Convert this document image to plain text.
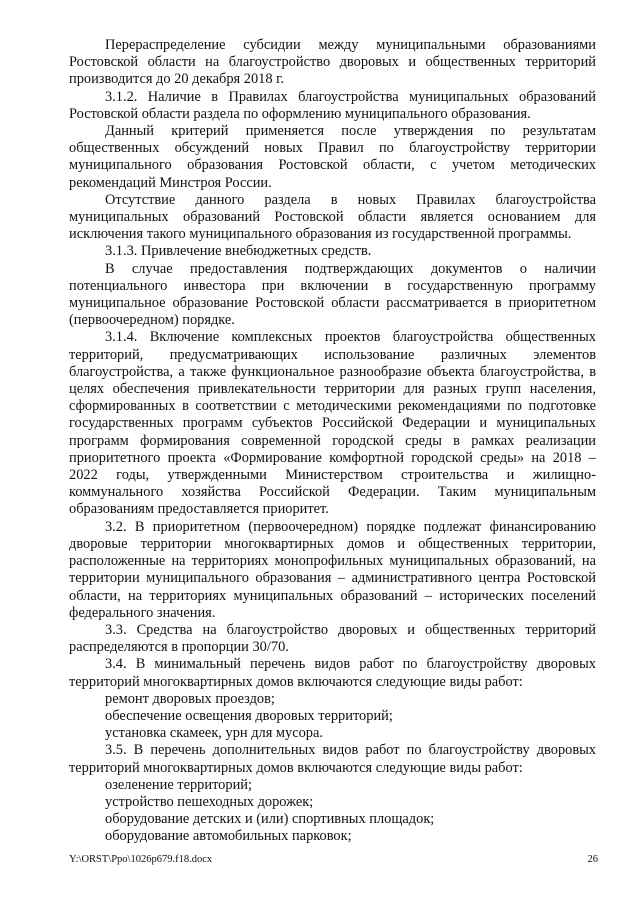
Перераспределение субсидии между муниципальными образованиями Ростовской области на благоустройство дворовых и общественных территорий производится до 20 декабря 2018 г.

3.1.2. Наличие в Правилах благоустройства муниципальных образований Ростовской области раздела по оформлению муниципального образования.

Данный критерий применяется после утверждения по результатам общественных обсуждений новых Правил по благоустройству территории муниципального образования Ростовской области, с учетом методических рекомендаций Минстроя России.

Отсутствие данного раздела в новых Правилах благоустройства муниципальных образований Ростовской области является основанием для исключения такого муниципального образования из государственной программы.

3.1.3. Привлечение внебюджетных средств.

В случае предоставления подтверждающих документов о наличии потенциального инвестора при включении в государственную программу муниципальное образование Ростовской области рассматривается в приоритетном (первоочередном) порядке.

3.1.4. Включение комплексных проектов благоустройства общественных территорий, предусматривающих использование различных элементов благоустройства, а также функциональное разнообразие объекта благоустройства, в целях обеспечения привлекательности территории для разных групп населения, сформированных в соответствии с методическими рекомендациями по подготовке государственных программ субъектов Российской Федерации и муниципальных программ формирования современной городской среды в рамках реализации приоритетного проекта «Формирование комфортной городской среды» на 2018 – 2022 годы, утвержденными Министерством строительства и жилищно-коммунального хозяйства Российской Федерации. Таким муниципальным образованиям предоставляется приоритет.

3.2. В приоритетном (первоочередном) порядке подлежат финансированию дворовые территории многоквартирных домов и общественных территории, расположенные на территориях монопрофильных муниципальных образований, на территории муниципального образования – административного центра Ростовской области, на территориях муниципальных образований – исторических поселений федерального значения.

3.3. Средства на благоустройство дворовых и общественных территорий распределяются в пропорции 30/70.

3.4. В минимальный перечень видов работ по благоустройству дворовых территорий многоквартирных домов включаются следующие виды работ:

ремонт дворовых проездов;

обеспечение освещения дворовых территорий;

установка скамеек, урн для мусора.

3.5. В перечень дополнительных видов работ по благоустройству дворовых территорий многоквартирных домов включаются следующие виды работ:

озеленение территорий;

устройство пешеходных дорожек;

оборудование детских и (или) спортивных площадок;

оборудование автомобильных парковок;

Y:\ORST\Ppo\1026p679.f18.docx	26
